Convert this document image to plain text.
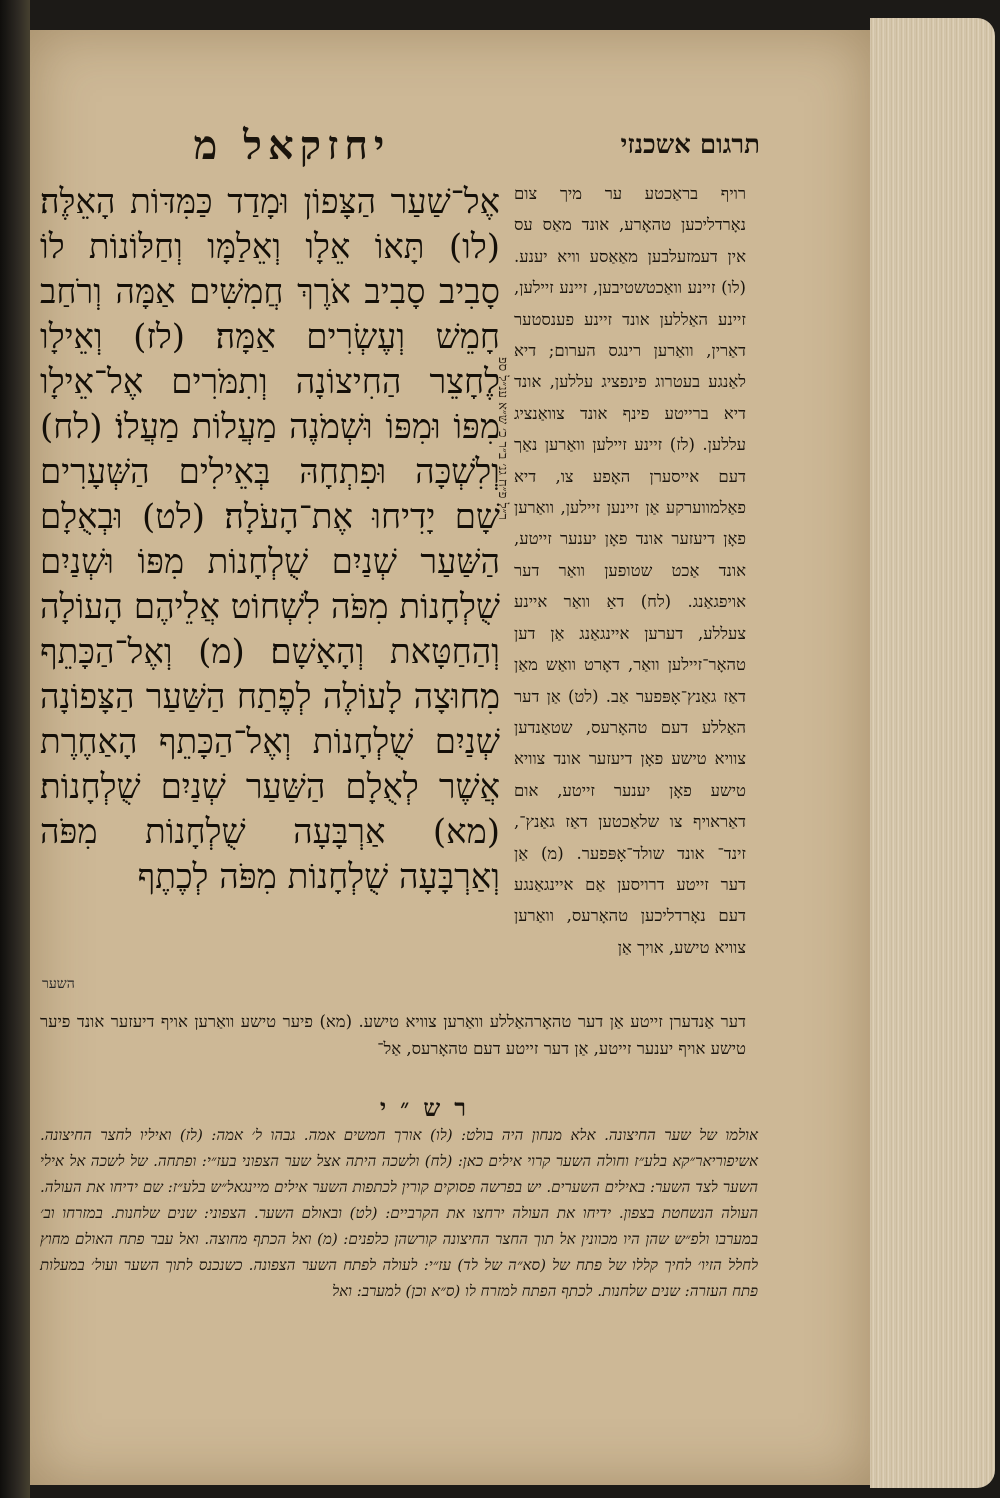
יחזקאל מ	תרגום אשכנזי
אֶל־שַׁעַר הַצָּפוֹן וּמָדַד כַּמִּדּוֹת הָאֵלֶּה׃ (לו) תָּאוֹ אֵלָו וְאֵלַמָּו וְחַלּוֹנוֹת לוֹ סָבִיב סָבִיב אֹרֶךְ חֲמִשִּׁים אַמָּה וְרֹחַב חָמֵשׁ וְעֶשְׂרִים אַמָּה׃ (לז) וְאֵילָו לֶחָצֵר הַחִיצוֹנָה וְתִמֹּרִים אֶל־אֵילָו מִפּוֹ וּמִפּוֹ וּשְׁמֹנֶה מַעֲלוֹת מַעֲלוֹ׃ (לח) וְלִשְׁכָּה וּפִתְחָהּ בְּאֵילִים הַשְּׁעָרִים שָׁם יָדִיחוּ אֶת־הָעֹלָה׃ (לט) וּבְאֻלָם הַשַּׁעַר שְׁנַיִם שֻׁלְחָנוֹת מִפּוֹ וּשְׁנַיִם שֻׁלְחָנוֹת מִפֹּה לִשְׁחוֹט אֲלֵיהֶם הָעוֹלָה וְהַחַטָּאת וְהָאָשָׁם׃ (מ) וְאֶל־הַכָּתֵף מִחוּצָה לָעוֹלֶה לְפֶתַח הַשַּׁעַר הַצָּפוֹנָה שְׁנַיִם שֻׁלְחָנוֹת וְאֶל־הַכָּתֵף הָאַחֶרֶת אֲשֶׁר לְאֻלָם הַשַּׁעַר שְׁנַיִם שֻׁלְחָנוֹת׃ (מא) אַרְבָּעָה שֻׁלְחָנוֹת מִפֹּה וְאַרְבָּעָה שֻׁלְחָנוֹת מִפֹּה לְכֶתֶף
השער
ר״ל פ״ח גנ׳ ב״ר כ׳ ש״א ענ״ל ספ
רויף בראַכטע ער מיך צום נאָרדליכען טהאָרע, אונד מאַס עס אין דעמזעלבען מאַאַסע וויא יענע. (לו) זיינע וואַכטשטיבען, זיינע זיילען, זיינע האַללען אונד זיינע פענסטער דאַרין, וואַרען רינגס הערום; דיא לאַנגע בעטרוג פינפציג עללען, אונד דיא ברייטע פינף אונד צוואַנציג עללען. (לז) זיינע זיילען וואַרען נאַך דעם אייסערן האָפע צו, דיא פאַלמווערקע אַן זיינען זיילען, וואַרען פאָן דיעזער אונד פאָן יענער זייטע, אונד אַכט שטופען וואַר דער אויפגאַנג. (לח) דאַ וואַר איינע צעללע, דערען איינגאַנג אַן דען טהאָר־זיילען וואַר, דאָרט וואַש מאַן דאַז גאַנץ־אָפּפער אַב. (לט) אַן דער האַללע דעם טהאָרעס, שטאַנדען צוויא טישע פאָן דיעזער אונד צוויא טישע פאָן יענער זייטע, אום דאַראויף צו שלאַכטען דאַז גאַנץ־, זינד־ אונד שולד־אָפּפער. (מ) אַן דער זייטע דרויסען אַם איינגאַנגע דעם נאָרדליכען טהאָרעס, וואַרען צוויא טישע, אויך אַן
דער אַנדערן זייטע אַן דער טהאָרהאַללע וואַרען צוויא טישע. (מא) פיער טישע וואַרען אויף דיעזער אונד פיער טישע אויף יענער זייטע, אַן דער זייטע דעם טהאָרעס, אַל־
רש״י
אולמו של שער החיצונה. אלא מנחון היה בולט: (לו) אורך חמשים אמה. גבהו ל׳ אמה: (לז) ואיליו לחצר החיצונה. אשיפוריאר״קא בלע״ז וחולה השער קרוי אילים כאן: (לח) ולשכה היתה אצל שער הצפוני בעז״י: ופתחה. של לשכה אל אילי השער לצד השער: באילים השערים. יש בפרשה פסוקים קורין לכתפות השער אילים מיינגאל״ש בלע״ז: שם ידיחו את העולה. העולה הנשחטת בצפון. ידיחו את העולה ירחצו את הקרביים: (לט) ובאולם השער. הצפוני: שנים שלחנות. במזרחו וב׳ במערבו ולפ״ש שהן היו מכוונין אל תוך החצר החיצונה קורשהן כלפנים: (מ) ואל הכתף מחוצה. ואל עבר פתח האולם מחוץ לחלל הזיו׳ לחיך קללו של פתח של (סא״ה של לד) עז״י: לעולה לפתח השער הצפונה. כשנכנס לתוך השער ועול׳ במעלות פתח העזרה: שנים שלחנות. לכתף הפתח למזרח לו (ס״א וכן) למערב: ואל
